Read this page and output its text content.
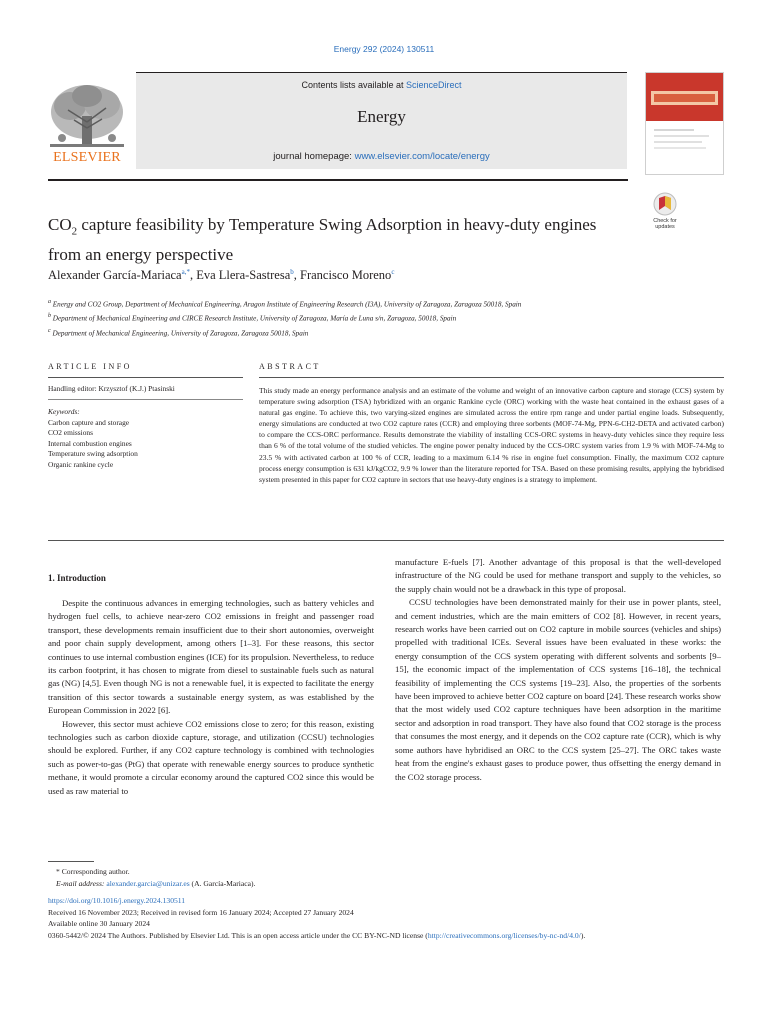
Energy 292 (2024) 130511
Contents lists available at ScienceDirect
Energy
journal homepage: www.elsevier.com/locate/energy
ELSEVIER
$CO_2$ capture feasibility by Temperature Swing Adsorption in heavy-duty engines from an energy perspective
Check for
updates
Alexander García-Mariaca$^{a,*}$, Eva Llera-Sastresa$^b$, Francisco Moreno$^c$
$^a$ Energy and CO2 Group, Department of Mechanical Engineering, Aragon Institute of Engineering Research (I3A), University of Zaragoza, Zaragoza 50018, Spain
$^b$ Department of Mechanical Engineering and CIRCE Research Institute, University of Zaragoza, María de Luna s/n, Zaragoza, 50018, Spain
$^c$ Department of Mechanical Engineering, University of Zaragoza, Zaragoza 50018, Spain
ARTICLE INFO
Handling editor: Krzysztof (K.J.) Ptasinski
Keywords:
Carbon capture and storage
CO2 emissions
Internal combustion engines
Temperature swing adsorption
Organic rankine cycle
ABSTRACT
This study made an energy performance analysis and an estimate of the volume and weight of an innovative carbon capture and storage (CCS) system by temperature swing adsorption (TSA) hybridized with an organic Rankine cycle (ORC) working with the waste heat contained in the exhaust gases of a natural gas engine. To achieve this, two varying-sized engines are simulated across the entire rpm range and under partial engine loads. Subsequently, energy simulations are conducted at two CO2 capture rates (CCR) and employing three sorbents (MOF-74-Mg, PPN-6-CH2-DETA and activated carbon) to compare the CCS-ORC performance. Results demonstrate the viability of installing CCS-ORC systems in heavy-duty vehicles since they require less than 6 % of the total volume of the studied vehicles. The engine power penalty induced by the CCS-ORC system varies from 1.9 % with MOF-74-Mg to 23.5 % with activated carbon at 100 % of CCR, leading to a maximum 6.14 % rise in engine fuel consumption. Finally, the maximum CO2 capture process energy consumption is 631 kJ/kgCO2, 9.9 % lower than the literature reported for TSA. Based on these promising results, applying the hybridised system presented in this paper for CO2 capture in sectors that use heavy-duty engines is a strategy to implement.
1. Introduction

Despite the continuous advances in emerging technologies, such as battery vehicles and hydrogen fuel cells, to achieve near-zero CO2 emissions in freight and passenger road transport, these developments remain insufficient due to their short autonomies, overweight and poor chain supply development, among others [1–3]. For these reasons, this sector continues to use internal combustion engines (ICE) for its propulsion. Nevertheless, to reduce its carbon footprint, it has chosen to migrate from diesel to sustainable fuels such as natural gas (NG) [4,5]. Even though NG is not a renewable fuel, it is expected to facilitate the energy transition of this sector towards a sustainable energy system, as was established by the European Commission in 2022 [6].

However, this sector must achieve CO2 emissions close to zero; for this reason, existing technologies such as carbon dioxide capture, storage, and utilization (CCSU) technologies should be explored. Further, if any CO2 capture technology is combined with technologies such as power-to-gas (PtG) that operate with renewable energy sources to produce synthetic methane, it would promote a circular economy around the captured CO2 since this would be used as raw material to

manufacture E-fuels [7]. Another advantage of this proposal is that the well-developed infrastructure of the NG could be used for methane transport and supply to the vehicles, so the supply chain would not be a drawback in this type of proposal.

CCSU technologies have been demonstrated mainly for their use in power plants, steel, and cement industries, which are the main emitters of CO2 [8]. However, in recent years, research works have been carried out on CO2 capture in mobile sources (vehicles and ships) propelled with traditional ICEs. Several issues have been evaluated in these works: the energy consumption of the CCS system operating with different solvents and sorbents [9–15], the economic impact of the implementation of CCS systems [16–18], the technical feasibility of implementing the CCS systems [19–23]. Also, the properties of the sorbents have been improved to achieve better CO2 capture on board [24]. These research works show that the most widely used CO2 capture techniques have been adsorption in the maritime sector and adsorption in road transport. They have also found that CO2 storage is the process that consumes the most energy, and it depends on the CO2 capture rate (CCR), which is why some authors have hybridised an ORC to the CCS system [25–27]. The ORC takes waste heat from the engine's exhaust gases to produce power, thus offsetting the energy demand in the CO2 storage process.

* Corresponding author.
E-mail address: alexander.garcia@unizar.es (A. García-Mariaca).
https://doi.org/10.1016/j.energy.2024.130511
Received 16 November 2023; Received in revised form 16 January 2024; Accepted 27 January 2024
Available online 30 January 2024
0360-5442/© 2024 The Authors. Published by Elsevier Ltd. This is an open access article under the CC BY-NC-ND license (http://creativecommons.org/licenses/by-nc-nd/4.0/).
